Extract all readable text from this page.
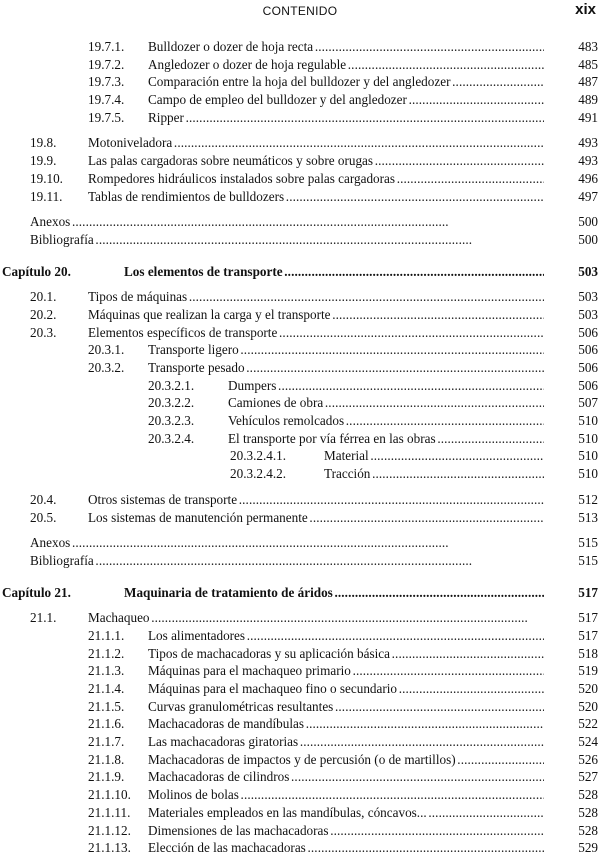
CONTENIDO	xix
19.7.1. Bulldozer o dozer de hoja recta . . .	483
19.7.2. Angledozer o dozer de hoja regulable . . .	485
19.7.3. Comparación entre la hoja del bulldozer y del angledozer . . .	487
19.7.4. Campo de empleo del bulldozer y del angledozer . . .	489
19.7.5. Ripper . . .	491
19.8. Motoniveladora . . .	493
19.9. Las palas cargadoras sobre neumáticos y sobre orugas . . .	493
19.10. Rompedores hidráulicos instalados sobre palas cargadoras . . .	496
19.11. Tablas de rendimientos de bulldozers . . .	497
Anexos . . .	500
Bibliografía . . .	500
Capítulo 20.	Los elementos de transporte . . .	503
20.1. Tipos de máquinas . . .	503
20.2. Máquinas que realizan la carga y el transporte . . .	503
20.3. Elementos específicos de transporte . . .	506
20.3.1. Transporte ligero . . .	506
20.3.2. Transporte pesado . . .	506
20.3.2.1.	Dumpers . . .	506
20.3.2.2.	Camiones de obra . . .	507
20.3.2.3.	Vehículos remolcados . . .	510
20.3.2.4.	El transporte por vía férrea en las obras . . .	510
20.3.2.4.1.	Material . . .	510
20.3.2.4.2.	Tracción . . .	510
20.4. Otros sistemas de transporte . . .	512
20.5. Los sistemas de manutención permanente . . .	513
Anexos . . .	515
Bibliografía . . .	515
Capítulo 21.	Maquinaria de tratamiento de áridos . . .	517
21.1. Machaqueo . . .	517
21.1.1. Los alimentadores . . .	517
21.1.2. Tipos de machacadoras y su aplicación básica . . .	518
21.1.3. Máquinas para el machaqueo primario . . .	519
21.1.4. Máquinas para el machaqueo fino o secundario . . .	520
21.1.5. Curvas granulométricas resultantes . . .	520
21.1.6. Machacadoras de mandíbulas . . .	522
21.1.7. Las machacadoras giratorias . . .	524
21.1.8. Machacadoras de impactos y de percusión (o de martillos) . . .	526
21.1.9. Machacadoras de cilindros . . .	527
21.1.10. Molinos de bolas . . .	528
21.1.11. Materiales empleados en las mandíbulas, cóncavos... . . .	528
21.1.12. Dimensiones de las machacadoras . . .	528
21.1.13. Elección de las machacadoras . . .	529
